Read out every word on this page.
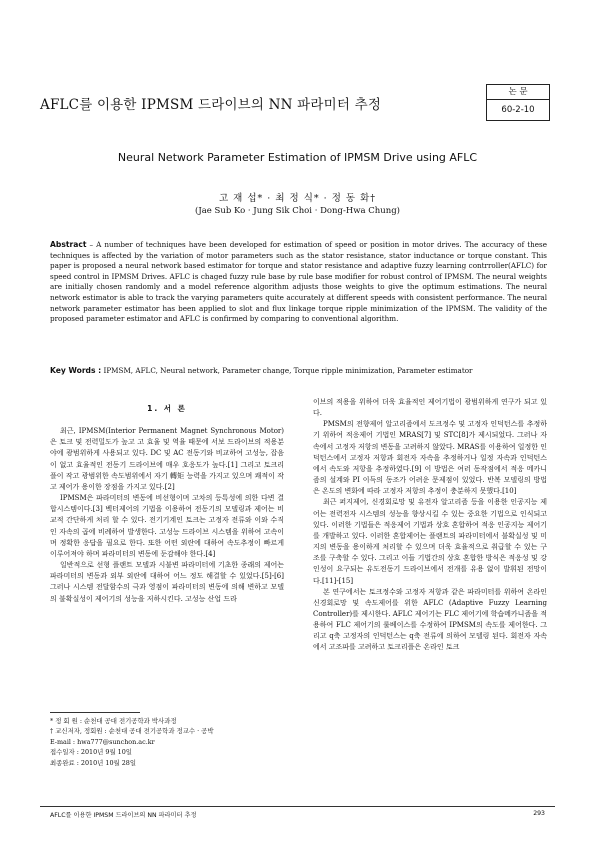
AFLC를 이용한 IPMSM 드라이브의 NN 파라미터 추정
논 문
60-2-10
Neural Network Parameter Estimation of IPMSM Drive using AFLC
고 재 섭* · 최 정 식* · 정 동 화†
(Jae Sub Ko · Jung Sik Choi · Dong-Hwa Chung)
Abstract – A number of techniques have been developed for estimation of speed or position in motor drives. The accuracy of these techniques is affected by the variation of motor parameters such as the stator resistance, stator inductance or torque constant. This paper is proposed a neural network based estimator for torque and stator resistance and adaptive fuzzy learning contrroller(AFLC) for speed control in IPMSM Drives. AFLC is chaged fuzzy rule base by rule base modifier for robust control of IPMSM. The neural weights are initially chosen randomly and a model reference algorithm adjusts those weights to give the optimum estimations. The neural network estimator is able to track the varying parameters quite accurately at different speeds with consistent performance. The neural network parameter estimator has been applied to slot and flux linkage torque ripple minimization of the IPMSM. The validity of the proposed parameter estimator and AFLC is confirmed by comparing to conventional algorithm.
Key Words : IPMSM, AFLC, Neural network, Parameter change, Torque ripple minimization, Parameter estimator
1. 서 론

최근, IPMSM(Interior Permanent Magnet Synchronous Motor)은 토크 및 전력밀도가 높고 고 효율 및 역율 때문에 서보 드라이브의 적용분야에 광범위하게 사용되고 있다. DC 및 AC 전동기와 비교하여 고성능, 잡음이 없고 효율적인 전동기 드라이브에 매우 호응도가 높다.[1] 그리고 토크리플이 작고 광범위한 속도범위에서 자기 轉矩 능력을 가지고 있으며 쾌적이 작고 제어가 용이한 장점을 가지고 있다.[2]

IPMSM은 파라미터의 변동에 비선형이며 고차의 등특성에 의한 다변 결합시스템이다.[3] 벡터제어의 기법을 이용하여 전동기의 모델링과 제어는 비교적 간단하게 처리 할 수 있다. 전기기계인 토크는 고정자 전류와 이와 수직인 자속의 곱에 비례하여 발생한다. 고성능 드라이브 시스템을 위하여 고속이며 정확한 응답을 필요로 한다. 또한 어떤 외란에 대하여 속도추정이 빠르게 이루어져야 하며 파라미터의 변동에 둔감해야 한다.[4]

일반적으로 선형 플랜트 모델과 시불변 파라미터에 기초한 종래의 제어는 파라미터의 변동과 외부 외란에 대하여 어느 정도 해결할 수 있었다.[5]-[6] 그러나 시스템 전달함수의 극과 영점이 파라미터의 변동에 의해 변하고 모델의 불확실성이 제어기의 성능을 저하시킨다. 고성능 산업 드라

이브의 적용을 위하여 더욱 효율적인 제어기법이 광범위하게 연구가 되고 있다.

PMSM의 전향제어 알고리즘에서 도크정수 및 고정자 인덕턴스를 추정하기 위하여 적응제어 기법인 MRAS[7] 및 STC[8]가 제시되었다. 그러나 자속에서 고정자 저항의 변동을 고려하지 않았다. MRAS를 이용하여 일정한 인덕턴스에서 고정자 저항과 회전자 자속을 추정하거나 일정 자속과 인덕턴스에서 속도와 저항을 추정하였다.[9] 이 방법은 여러 동작점에서 적응 메카니즘의 설계와 PI 이득의 동조가 어려운 문제점이 있었다. 반복 모델링의 방법은 온도의 변화에 따라 고정자 저항의 추정이 충분하지 못했다.[10]

최근 퍼지제어, 신경회로망 및 유전자 알고리즘 등을 이용한 인공지능 제어는 전력전자 시스템의 성능을 향상시킬 수 있는 중요한 기법으로 인식되고 있다. 이러한 기법들은 적응제어 기법과 상호 혼합하여 적응 인공지능 제어기를 개발하고 있다. 이러한 혼합제어는 플랜트의 파라미터에서 불확실성 및 미지의 변동을 용이하게 처리할 수 있으며 더욱 효율적으로 취급할 수 있는 구조를 구축할 수 있다. 그리고 이들 기법간의 상호 혼합한 방식은 적응성 및 강인성이 요구되는 유도전동기 드라이브에서 전개를 유용 없이 발휘된 전망이다.[11]-[15]

본 연구에서는 토크정수와 고정자 저항과 같은 파라미터를 위하여 온라인 신경회로망 및 속도제어를 위한 AFLC (Adaptive Fuzzy Learning Controller)를 제시한다. AFLC 제어기는 FLC 제어기에 학습메카니즘을 적용하여 FLC 제어기의 룰베이스를 수정하여 IPMSM의 속도를 제어한다. 그리고 q축 고정자의 인덕턴스는 q축 전류에 의하여 모델링 된다. 회전자 자속에서 고조파를 고려하고 토크리플은 온라인 토크

* 정 회 원 : 순천대 공대 전기공학과 박사과정
† 교신저자, 정회원 : 순천대 공대 전기공학과 정교수 · 공박
E-mail : hwa777@sunchon.ac.kr
접수일자 : 2010년 9월 10일
최종완료 : 2010년 10월 28일
AFLC를 이용한 IPMSM 드라이브의 NN 파라미터 추정	293
